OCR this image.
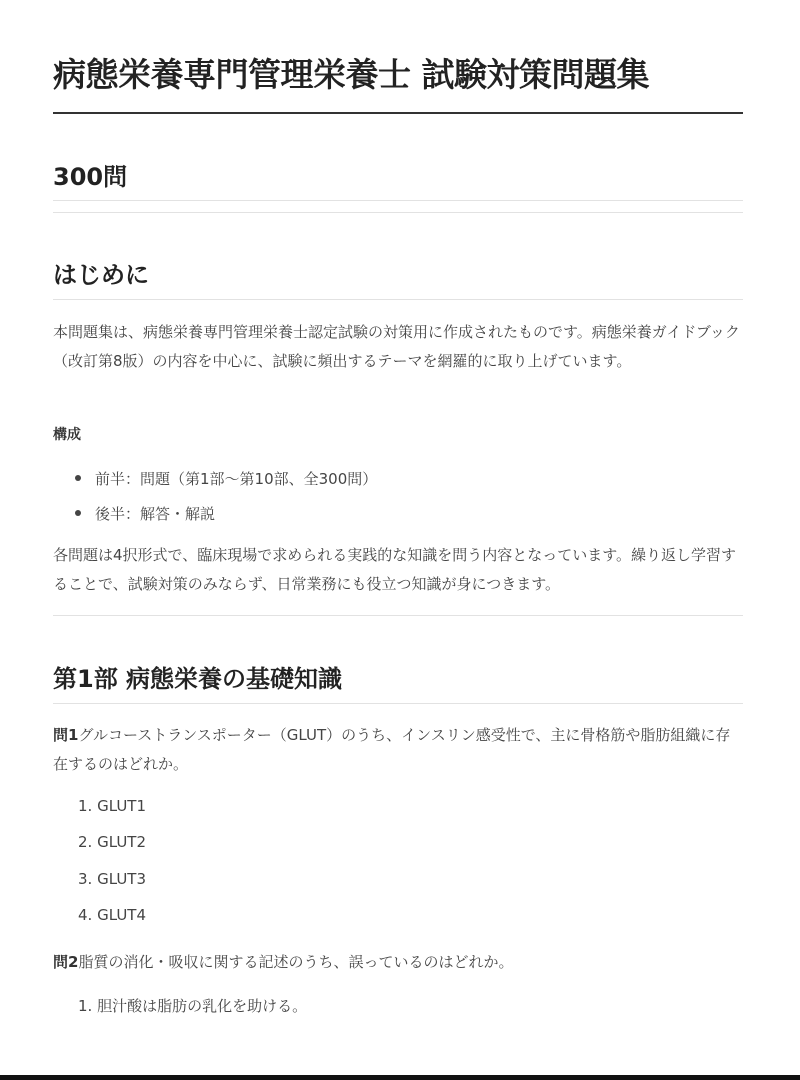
病態栄養専門管理栄養士 試験対策問題集
300問
はじめに

本問題集は、病態栄養専門管理栄養士認定試験の対策用に作成されたものです。病態栄養ガイドブック（改訂第8版）の内容を中心に、試験に頻出するテーマを網羅的に取り上げています。

構成
前半：問題（第1部〜第10部、全300問）
後半：解答・解説

各問題は4択形式で、臨床現場で求められる実践的な知識を問う内容となっています。繰り返し学習することで、試験対策のみならず、日常業務にも役立つ知識が身につきます。

第1部 病態栄養の基礎知識

問1グルコーストランスポーター（GLUT）のうち、インスリン感受性で、主に骨格筋や脂肪組織に存在するのはどれか。

1. GLUT1
2. GLUT2
3. GLUT3
4. GLUT4

問2脂質の消化・吸収に関する記述のうち、誤っているのはどれか。

1. 胆汁酸は脂肪の乳化を助ける。
